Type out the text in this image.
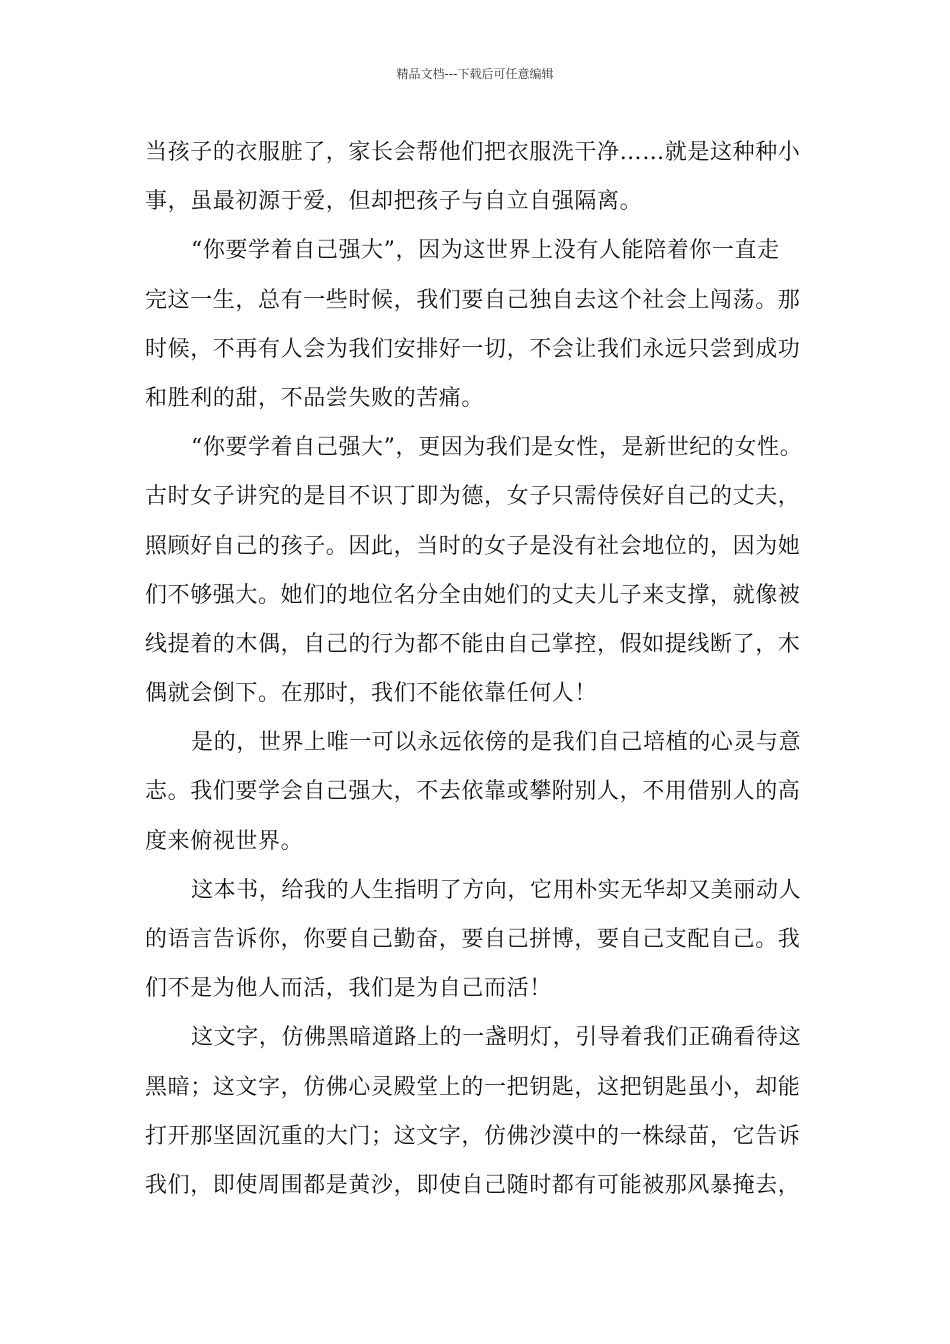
精品文档---下载后可任意编辑
当孩子的衣服脏了，家长会帮他们把衣服洗干净……就是这种种小
事，虽最初源于爱，但却把孩子与自立自强隔离。
“你要学着自己强大”，因为这世界上没有人能陪着你一直走
完这一生，总有一些时候，我们要自己独自去这个社会上闯荡。那
时候，不再有人会为我们安排好一切，不会让我们永远只尝到成功
和胜利的甜，不品尝失败的苦痛。
“你要学着自己强大”，更因为我们是女性，是新世纪的女性。
古时女子讲究的是目不识丁即为德，女子只需侍侯好自己的丈夫，
照顾好自己的孩子。因此，当时的女子是没有社会地位的，因为她
们不够强大。她们的地位名分全由她们的丈夫儿子来支撑，就像被
线提着的木偶，自己的行为都不能由自己掌控，假如提线断了，木
偶就会倒下。在那时，我们不能依靠任何人！
是的，世界上唯一可以永远依傍的是我们自己培植的心灵与意
志。我们要学会自己强大，不去依靠或攀附别人，不用借别人的高
度来俯视世界。
这本书，给我的人生指明了方向，它用朴实无华却又美丽动人
的语言告诉你，你要自己勤奋，要自己拼博，要自己支配自己。我
们不是为他人而活，我们是为自己而活！
这文字，仿佛黑暗道路上的一盏明灯，引导着我们正确看待这
黑暗；这文字，仿佛心灵殿堂上的一把钥匙，这把钥匙虽小，却能
打开那坚固沉重的大门；这文字，仿佛沙漠中的一株绿苗，它告诉
我们，即使周围都是黄沙，即使自己随时都有可能被那风暴掩去，
